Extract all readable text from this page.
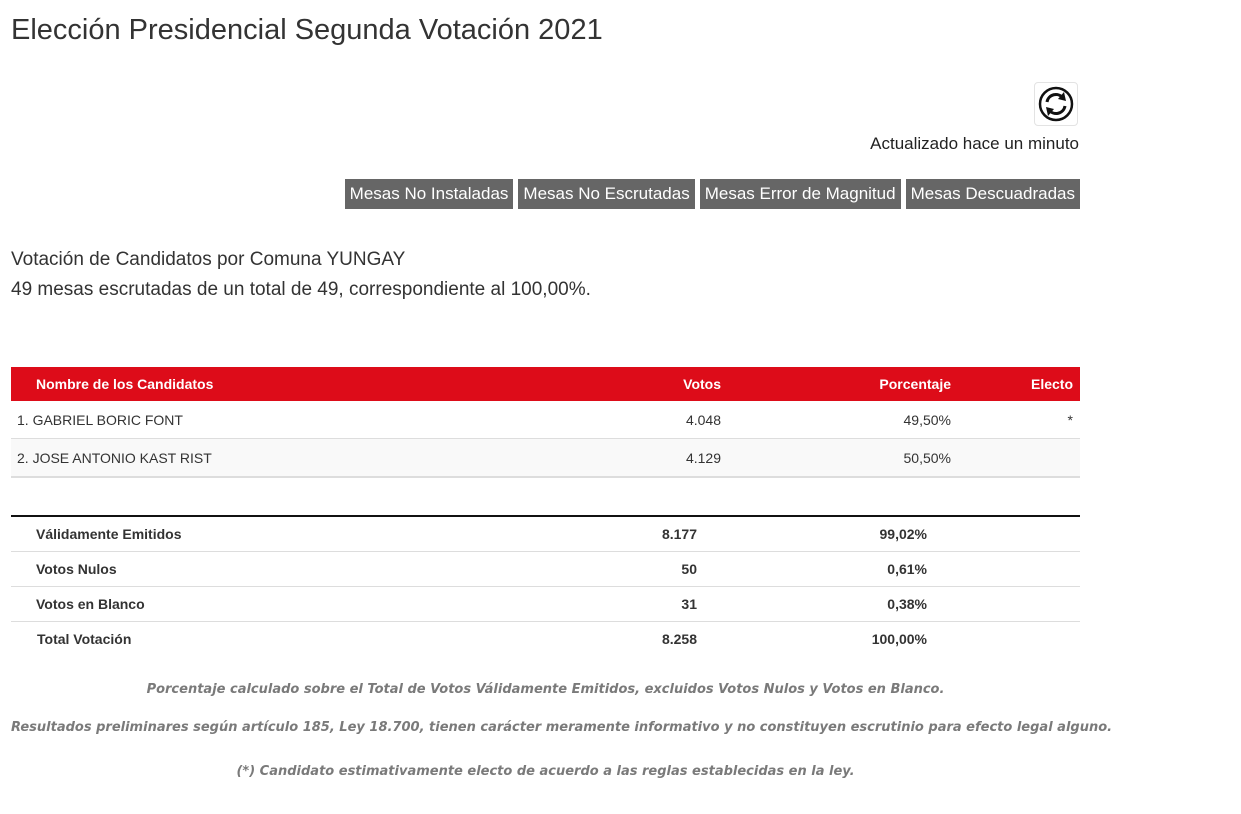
Elección Presidencial Segunda Votación 2021
Actualizado hace un minuto
Mesas No Instaladas Mesas No Escrutadas Mesas Error de Magnitud Mesas Descuadradas
Votación de Candidatos por Comuna YUNGAY
49 mesas escrutadas de un total de 49, correspondiente al 100,00%.
Nombre de los Candidatos	Votos	Porcentaje	Electo
1. GABRIEL BORIC FONT	4.048	49,50%	*
2. JOSE ANTONIO KAST RIST	4.129	50,50%	
Válidamente Emitidos	8.177	99,02%	
Votos Nulos	50	0,61%	
Votos en Blanco	31	0,38%	
Total Votación	8.258	100,00%	
Porcentaje calculado sobre el Total de Votos Válidamente Emitidos, excluidos Votos Nulos y Votos en Blanco.
Resultados preliminares según artículo 185, Ley 18.700, tienen carácter meramente informativo y no constituyen escrutinio para efecto legal alguno.
(*) Candidato estimativamente electo de acuerdo a las reglas establecidas en la ley.
